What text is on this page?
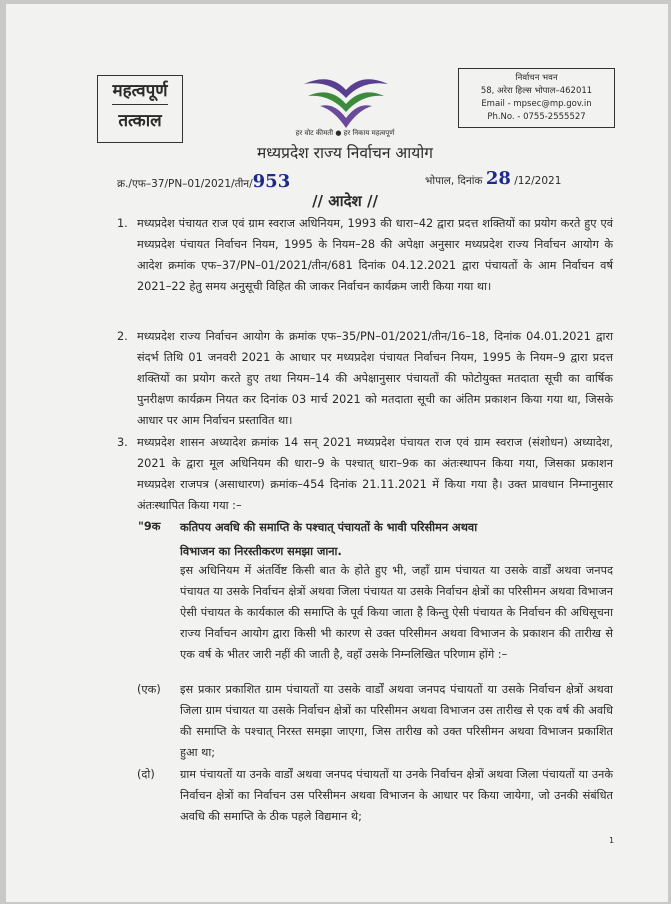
महत्वपूर्ण
तत्काल
निर्वाचन भवन
58, अरेरा हिल्स भोपाल–462011
Email - mpsec@mp.gov.in
Ph.No. - 0755-2555527
हर वोट कीमती ● हर निकाय महत्वपूर्ण
मध्यप्रदेश राज्य निर्वाचन आयोग
क्र./एफ–37/PN–01/2021/तीन/953	भोपाल, दिनांक 28 /12/2021
// आदेश //
1. मध्यप्रदेश पंचायत राज एवं ग्राम स्वराज अधिनियम, 1993 की धारा–42 द्वारा प्रदत्त शक्तियों का प्रयोग करते हुए एवं मध्यप्रदेश पंचायत निर्वाचन नियम, 1995 के नियम–28 की अपेक्षा अनुसार मध्यप्रदेश राज्य निर्वाचन आयोग के आदेश क्रमांक एफ–37/PN–01/2021/तीन/681 दिनांक 04.12.2021 द्वारा पंचायतों के आम निर्वाचन वर्ष 2021–22 हेतु समय अनुसूची विहित की जाकर निर्वाचन कार्यक्रम जारी किया गया था।
2. मध्यप्रदेश राज्य निर्वाचन आयोग के क्रमांक एफ–35/PN–01/2021/तीन/16–18, दिनांक 04.01.2021 द्वारा संदर्भ तिथि 01 जनवरी 2021 के आधार पर मध्यप्रदेश पंचायत निर्वाचन नियम, 1995 के नियम–9 द्वारा प्रदत्त शक्तियों का प्रयोग करते हुए तथा नियम–14 की अपेक्षानुसार पंचायतों की फोटोयुक्त मतदाता सूची का वार्षिक पुनरीक्षण कार्यक्रम नियत कर दिनांक 03 मार्च 2021 को मतदाता सूची का अंतिम प्रकाशन किया गया था, जिसके आधार पर आम निर्वाचन प्रस्तावित था।
3. मध्यप्रदेश शासन अध्यादेश क्रमांक 14 सन् 2021 मध्यप्रदेश पंचायत राज एवं ग्राम स्वराज (संशोधन) अध्यादेश, 2021 के द्वारा मूल अधिनियम की धारा–9 के पश्चात् धारा–9क का अंतःस्थापन किया गया, जिसका प्रकाशन मध्यप्रदेश राजपत्र (असाधारण) क्रमांक–454 दिनांक 21.11.2021 में किया गया है। उक्त प्रावधान निम्नानुसार अंतःस्थापित किया गया :–
"9क कतिपय अवधि की समाप्ति के पश्चात् पंचायतों के भावी परिसीमन अथवा विभाजन का निरस्तीकरण समझा जाना.
इस अधिनियम में अंतर्विष्ट किसी बात के होते हुए भी, जहाँ ग्राम पंचायत या उसके वार्डों अथवा जनपद पंचायत या उसके निर्वाचन क्षेत्रों अथवा जिला पंचायत या उसके निर्वाचन क्षेत्रों का परिसीमन अथवा विभाजन ऐसी पंचायत के कार्यकाल की समाप्ति के पूर्व किया जाता है किन्तु ऐसी पंचायत के निर्वाचन की अधिसूचना राज्य निर्वाचन आयोग द्वारा किसी भी कारण से उक्त परिसीमन अथवा विभाजन के प्रकाशन की तारीख से एक वर्ष के भीतर जारी नहीं की जाती है, वहाँ उसके निम्नलिखित परिणाम होंगे :–
(एक) इस प्रकार प्रकाशित ग्राम पंचायतों या उसके वार्डों अथवा जनपद पंचायतों या उसके निर्वाचन क्षेत्रों अथवा जिला ग्राम पंचायत या उसके निर्वाचन क्षेत्रों का परिसीमन अथवा विभाजन उस तारीख से एक वर्ष की अवधि की समाप्ति के पश्चात् निरस्त समझा जाएगा, जिस तारीख को उक्त परिसीमन अथवा विभाजन प्रकाशित हुआ था;
(दो) ग्राम पंचायतों या उनके वार्डों अथवा जनपद पंचायतों या उनके निर्वाचन क्षेत्रों अथवा जिला पंचायतों या उनके निर्वाचन क्षेत्रों का निर्वाचन उस परिसीमन अथवा विभाजन के आधार पर किया जायेगा, जो उनकी संबंधित अवधि की समाप्ति के ठीक पहले विद्यमान थे;
1
